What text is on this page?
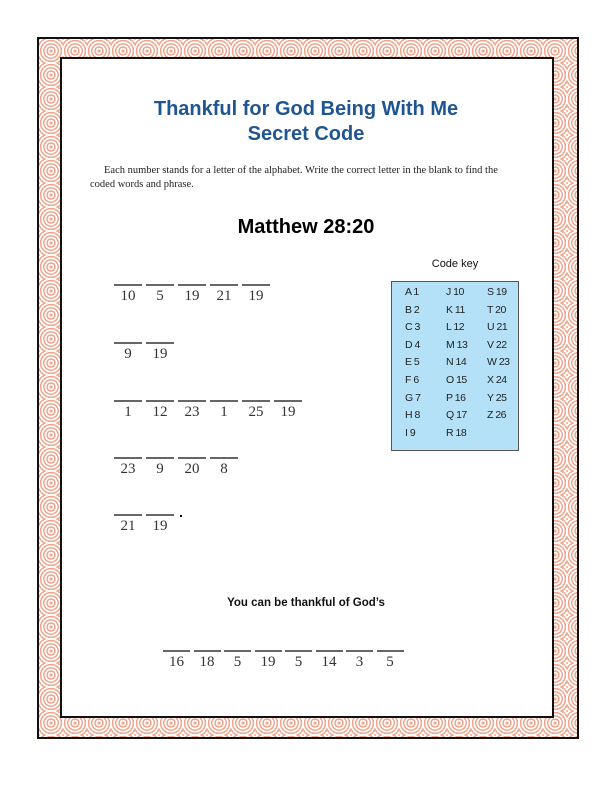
Thankful for God Being With Me
Secret Code
Each number stands for a letter of the alphabet. Write the correct letter in the blank to find the coded words and phrase.
Matthew 28:20
Code key
A 1
B 2
C 3
D 4
E 5
F 6
G 7
H 8
I 9
J 10
K 11
L 12
M 13
N 14
O 15
P 16
Q 17
R 18
S 19
T 20
U 21
V 22
W 23
X 24
Y 25
Z 26
10	5	19	21	19
9	19
1	12	23	1	25	19
23	9	20	8
21	19
.
You can be thankful of God’s
16	18	5	19	5	14	3	5
